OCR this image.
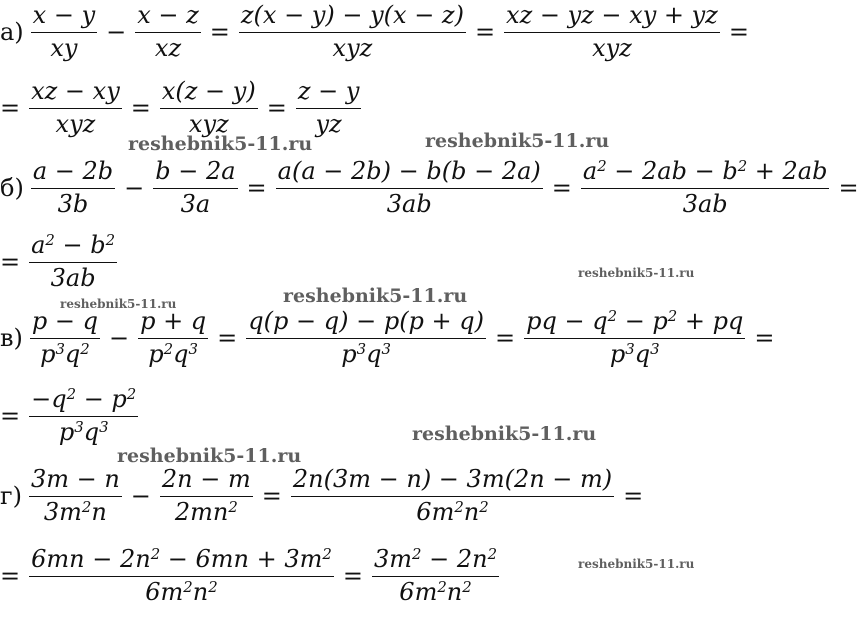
$а) \frac{x - y}{xy} - \frac{x - z}{xz} = \frac{z(x - y) - y(x - z)}{\text{xyz}} = \frac{xz - yz - xy + yz}{\text{xyz}}$ =
= $\frac{xz - xy}{\text{xyz}} = \frac{x(z - y)}{\text{xyz}} = \frac{z - y}{yz}$
$б) \frac{a - 2b}{3b} - \frac{b - 2a}{3a} = \frac{a(a - 2b) - b(b - 2a)}{3ab} = \frac{a^2 - 2ab - b^2 + 2ab}{3ab}$ =
= $\frac{a^2 - b^2}{3ab}$
$в) \frac{p - q}{p^3q^2} - \frac{p + q}{p^2q^3} = \frac{q(p - q) - p(p + q)}{p^3q^3} = \frac{pq - q^2 - p^2 + pq}{p^3q^3}$ =
= $\frac{-q^2 - p^2}{p^3q^3}$
$г) \frac{3m - n}{3m^2n} - \frac{2n - m}{2mn^2} = \frac{2n(3m - n) - 3m(2n - m)}{6m^2n^2}$ =
= $\frac{6mn - 2n^2 - 6mn + 3m^2}{6m^2n^2} = \frac{3m^2 - 2n^2}{6m^2n^2}$
reshebnik5-11.ru	reshebnik5-11.ru
reshebnik5-11.ru
reshebnik5-11.ru	reshebnik5-11.ru
reshebnik5-11.ru
reshebnik5-11.ru
reshebnik5-11.ru
